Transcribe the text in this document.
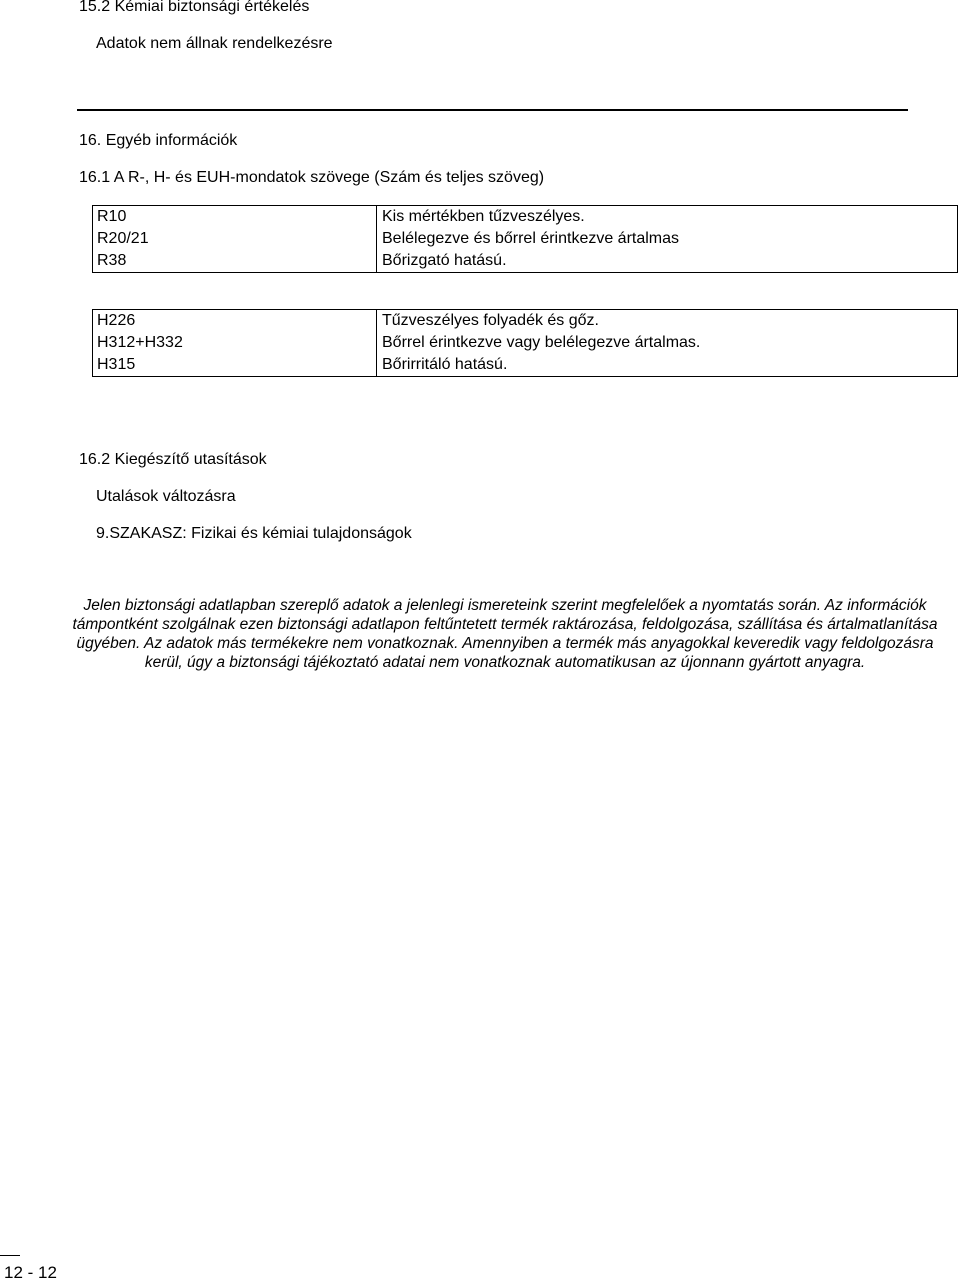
15.2 Kémiai biztonsági értékelés
Adatok nem állnak rendelkezésre
16. Egyéb információk
16.1 A R-, H- és EUH-mondatok szövege (Szám és teljes szöveg)
R10	Kis mértékben tűzveszélyes.
R20/21	Belélegezve és bőrrel érintkezve ártalmas
R38	Bőrizgató hatású.
H226	Tűzveszélyes folyadék és gőz.
H312+H332	Bőrrel érintkezve vagy belélegezve ártalmas.
H315	Bőrirritáló hatású.
16.2 Kiegészítő utasítások
Utalások változásra
9.SZAKASZ: Fizikai és kémiai tulajdonságok
Jelen biztonsági adatlapban szereplő adatok a jelenlegi ismereteink szerint megfelelőek a nyomtatás során. Az információk támpontként szolgálnak ezen biztonsági adatlapon feltűntetett termék raktározása, feldolgozása, szállítása és ártalmatlanítása ügyében. Az adatok más termékekre nem vonatkoznak. Amennyiben a termék más anyagokkal keveredik vagy feldolgozásra kerül, úgy a biztonsági tájékoztató adatai nem vonatkoznak automatikusan az újonnann gyártott anyagra.
12 - 12
